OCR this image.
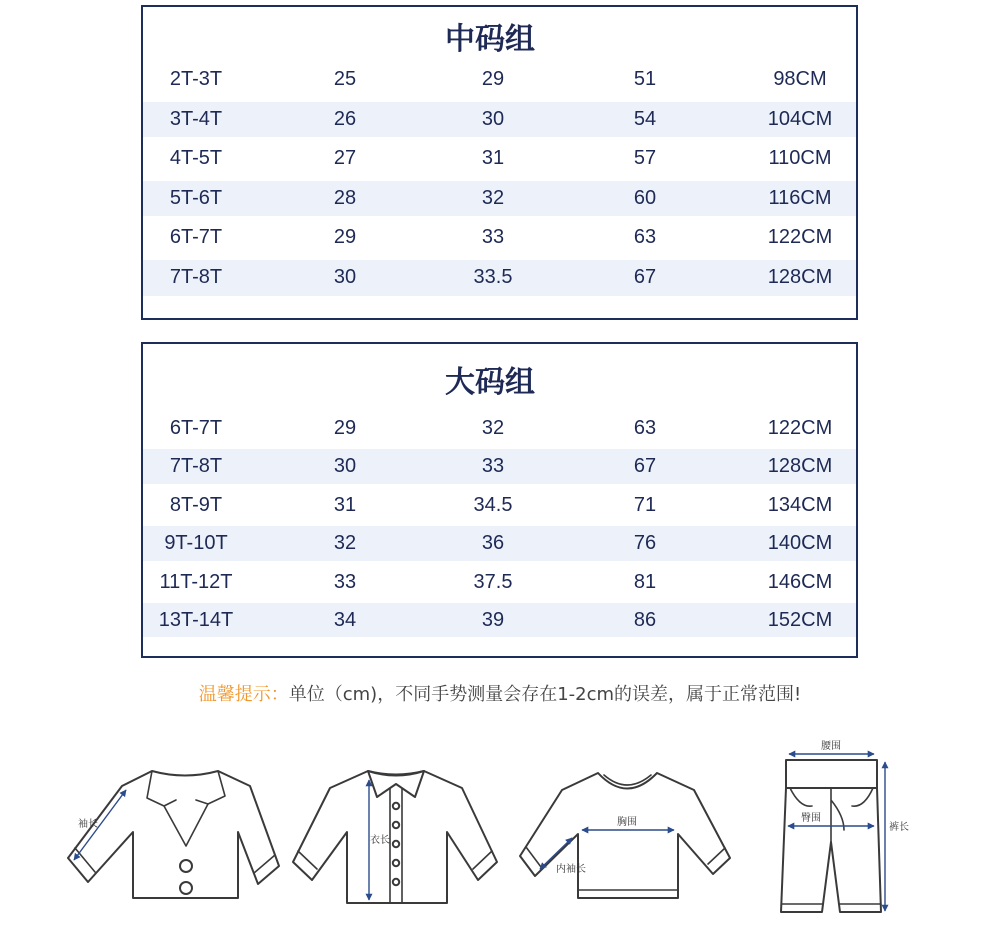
中码组
2T-3T	25	29	51	98CM
3T-4T	26	30	54	104CM
4T-5T	27	31	57	110CM
5T-6T	28	32	60	116CM
6T-7T	29	33	63	122CM
7T-8T	30	33.5	67	128CM
大码组
6T-7T	29	32	63	122CM
7T-8T	30	33	67	128CM
8T-9T	31	34.5	71	134CM
9T-10T	32	36	76	140CM
11T-12T	33	37.5	81	146CM
13T-14T	34	39	86	152CM
温馨提示：单位（cm)，不同手势测量会存在1-2cm的误差，属于正常范围!
袖长
衣长
胸围
内袖长
腰围
臀围
裤长
